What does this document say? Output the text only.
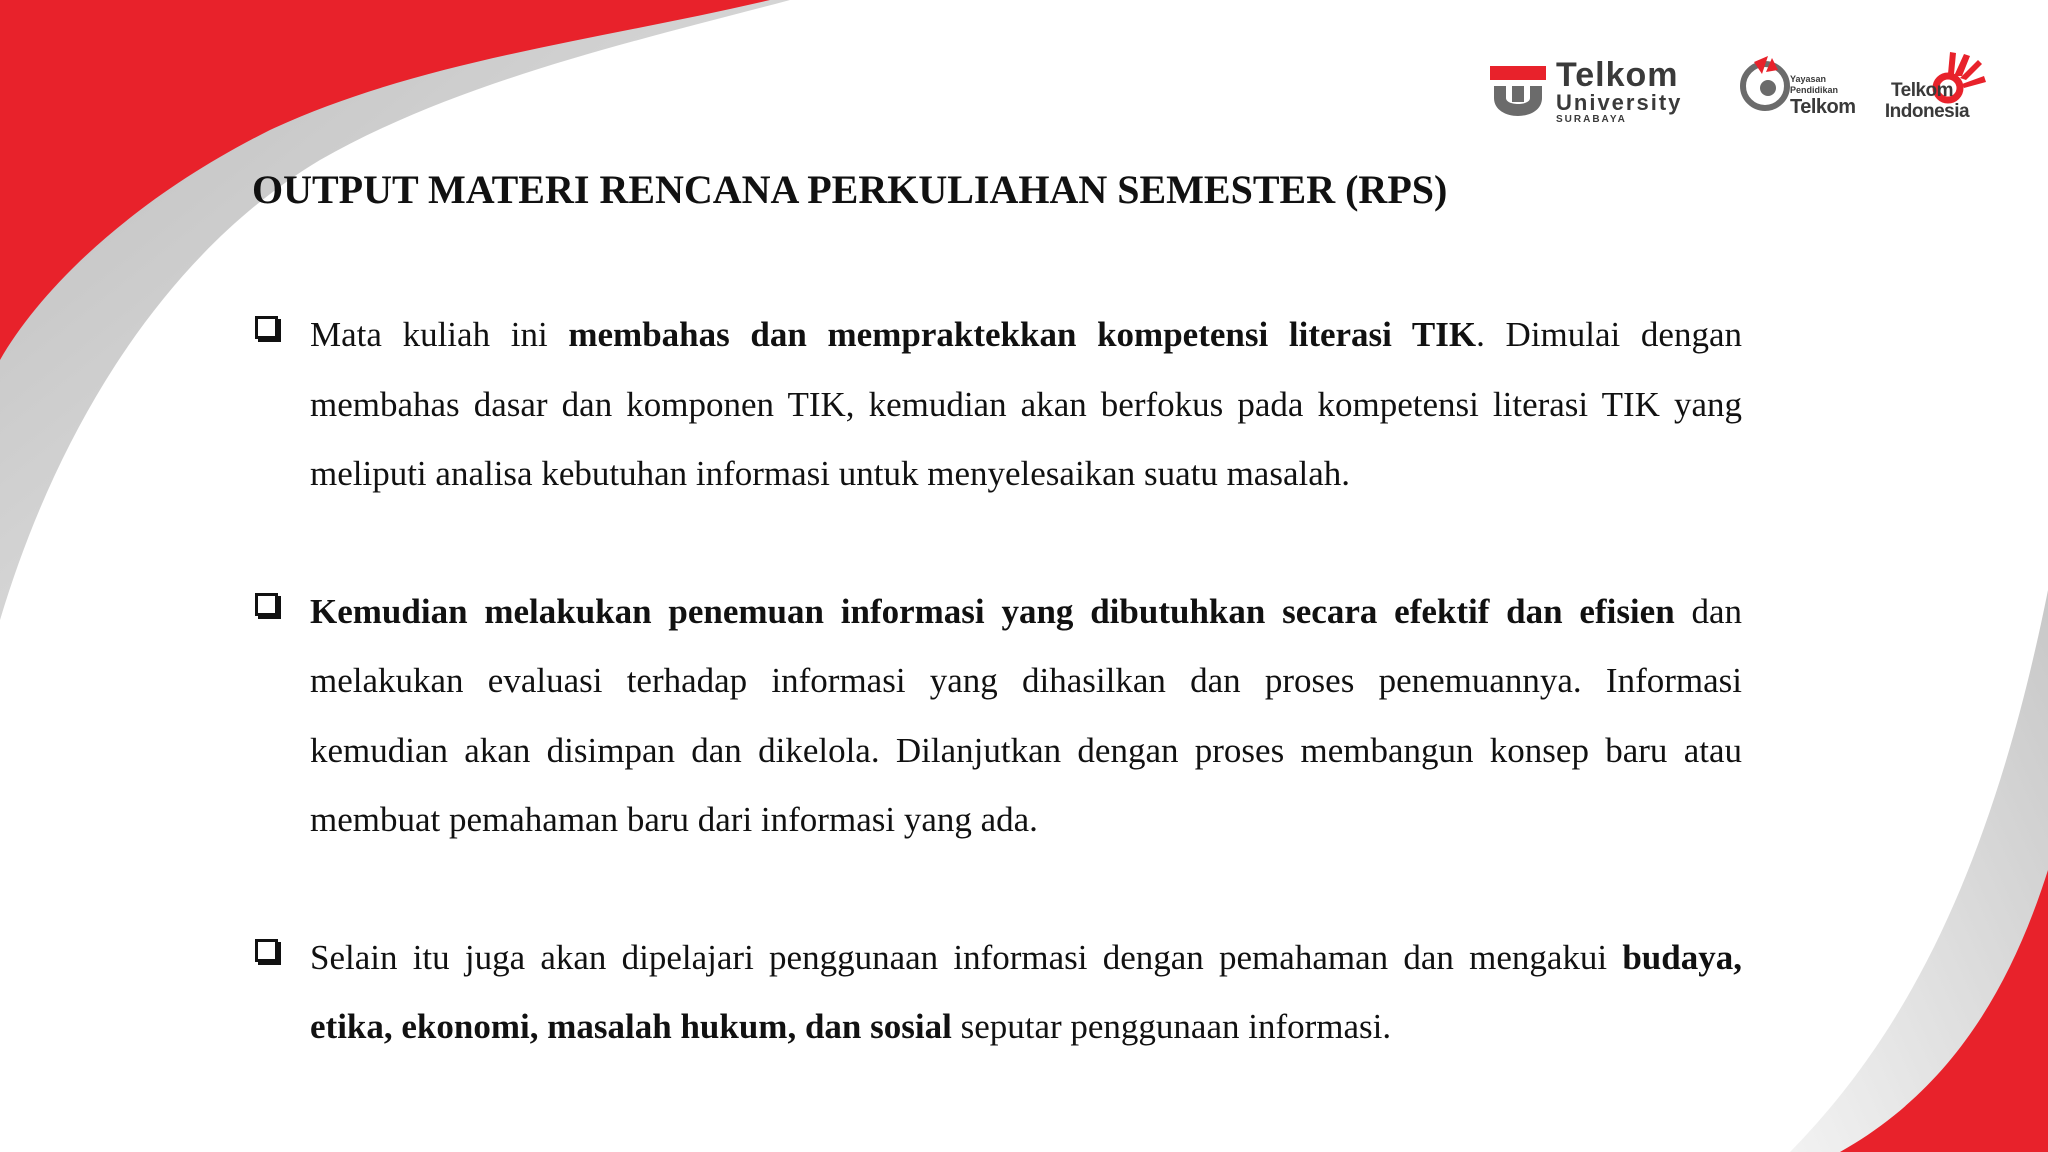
Telkom
University
SURABAYA
Yayasan
Pendidikan
Telkom
Telkom
Indonesia
OUTPUT MATERI RENCANA PERKULIAHAN SEMESTER (RPS)

Mata kuliah ini membahas dan mempraktekkan kompetensi literasi TIK. Dimulai dengan membahas dasar dan komponen TIK, kemudian akan berfokus pada kompetensi literasi TIK yang meliputi analisa kebutuhan informasi untuk menyelesaikan suatu masalah.

Kemudian melakukan penemuan informasi yang dibutuhkan secara efektif dan efisien dan melakukan evaluasi terhadap informasi yang dihasilkan dan proses penemuannya. Informasi kemudian akan disimpan dan dikelola. Dilanjutkan dengan proses membangun konsep baru atau membuat pemahaman baru dari informasi yang ada.

Selain itu juga akan dipelajari penggunaan informasi dengan pemahaman dan mengakui budaya, etika, ekonomi, masalah hukum, dan sosial seputar penggunaan informasi.
